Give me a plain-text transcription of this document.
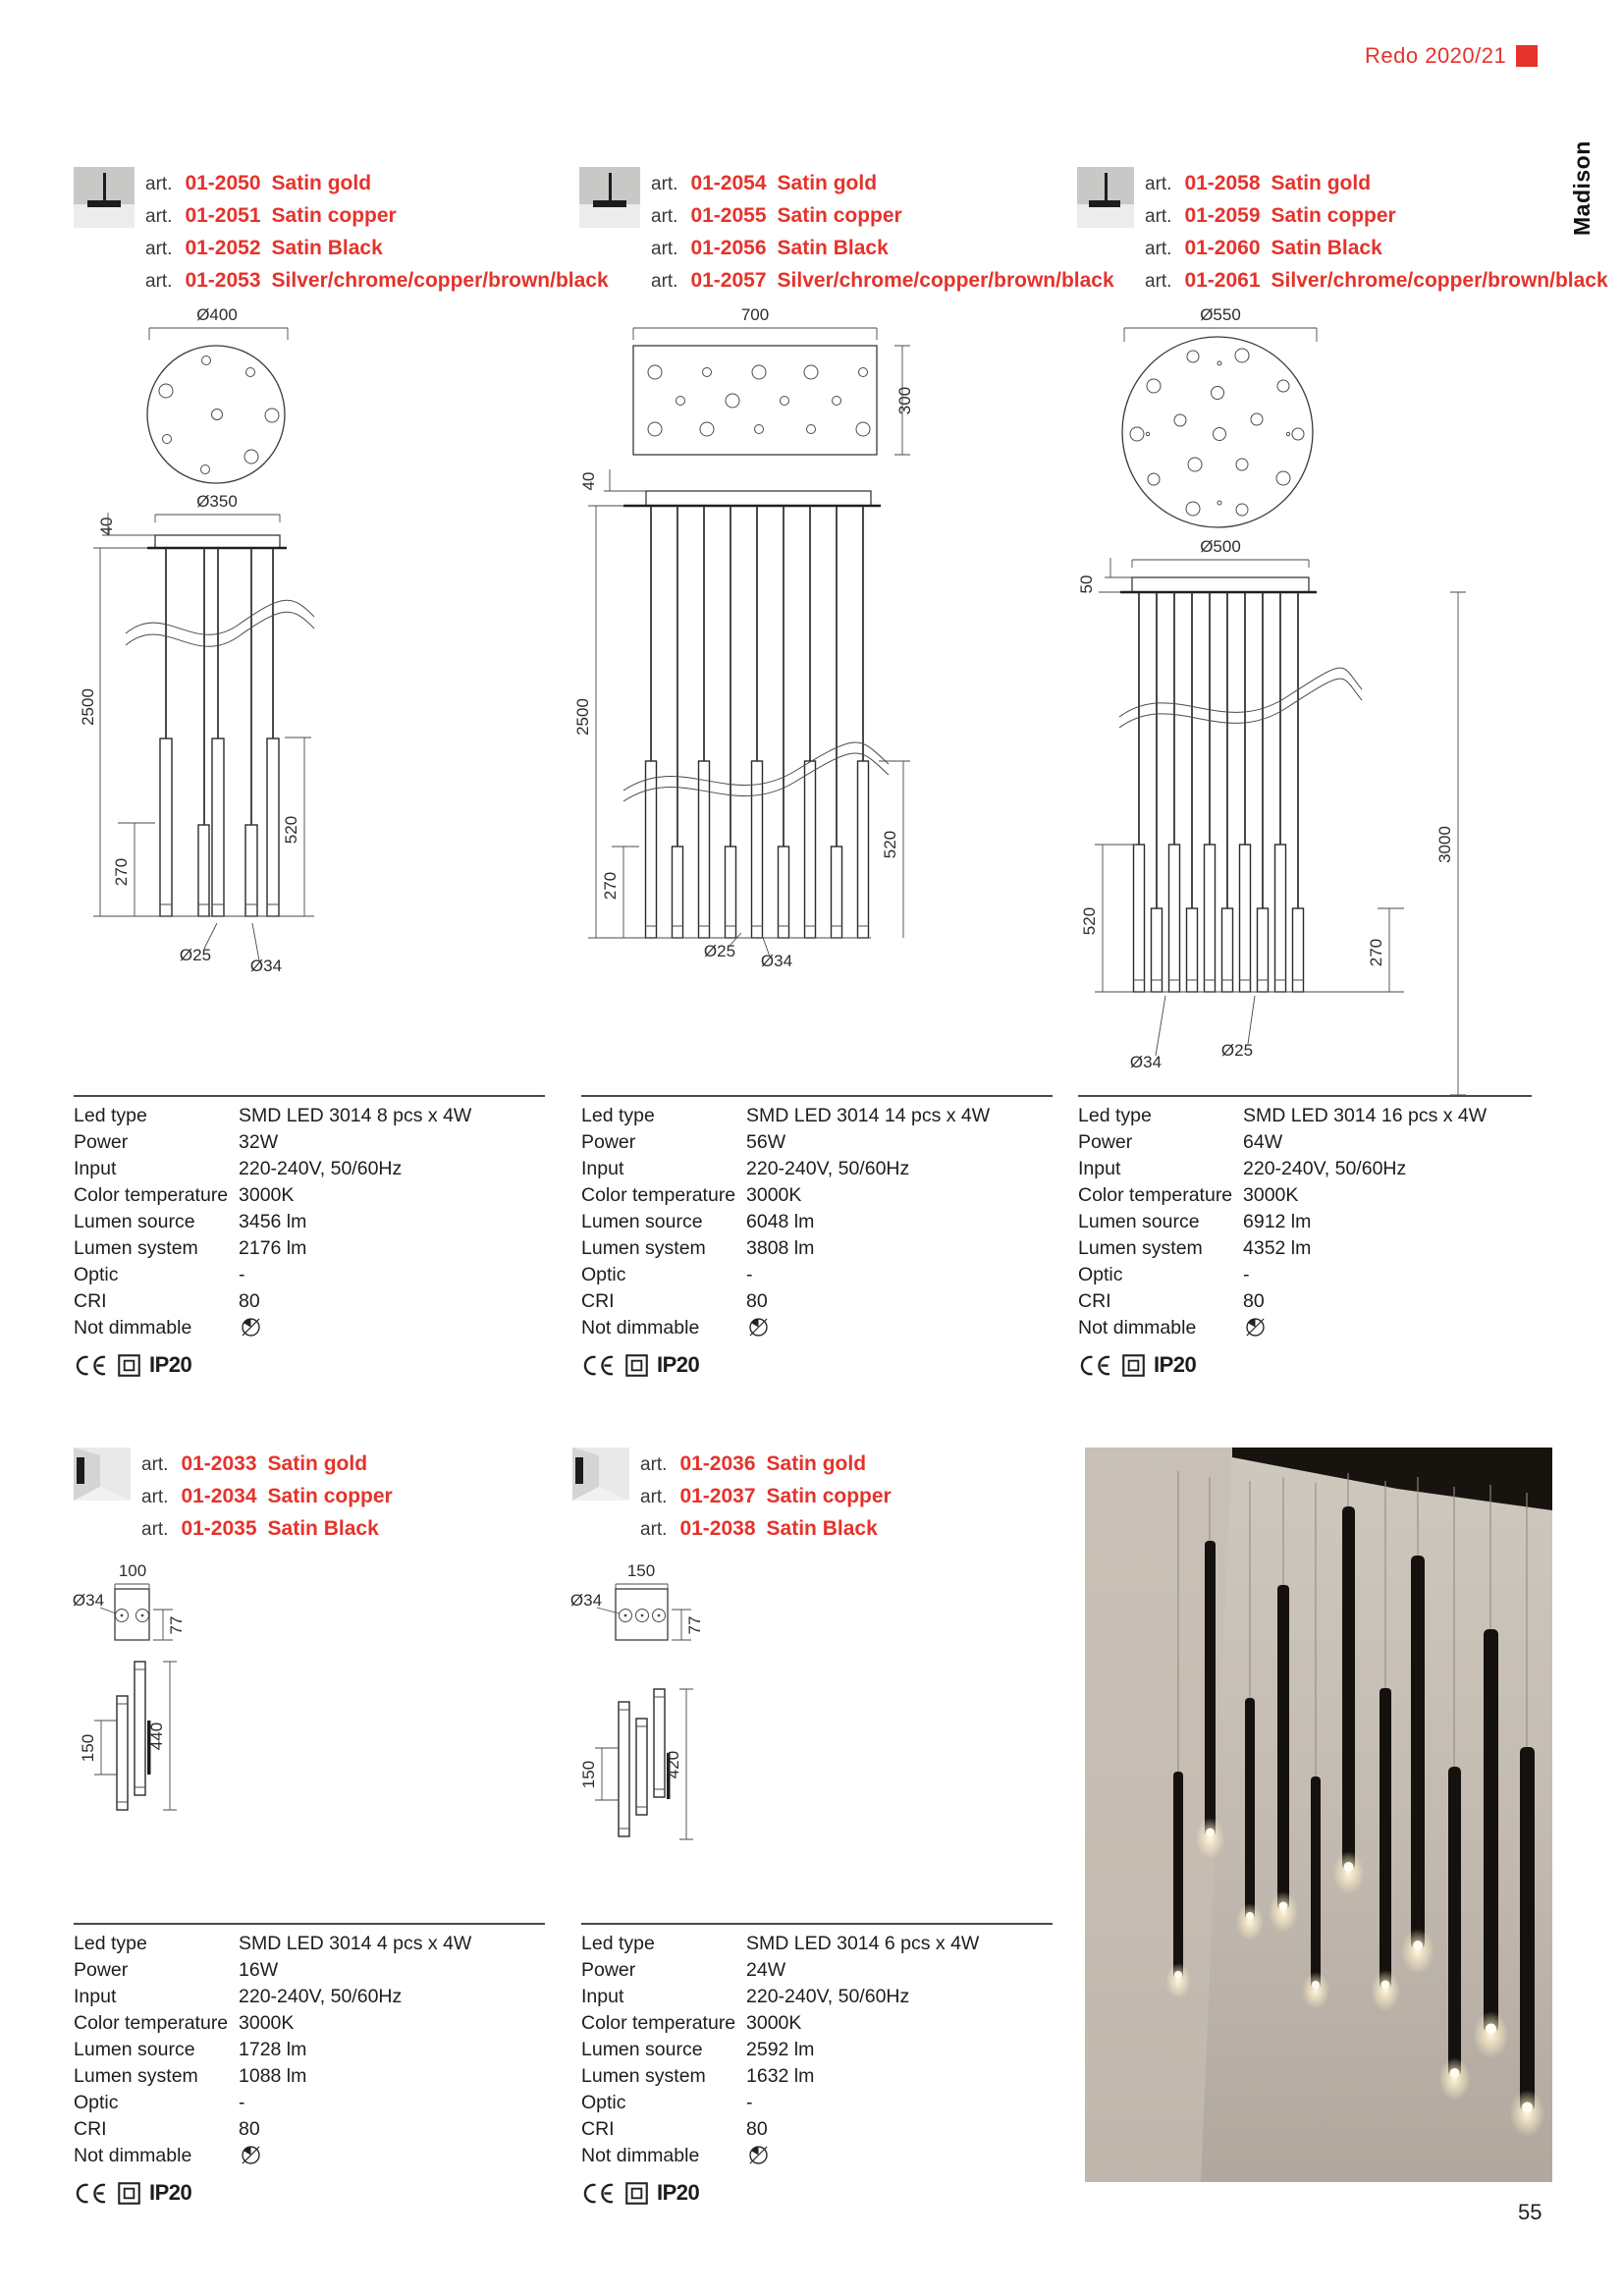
Redo 2020/21
Madison
art. 01-2050 Satin gold
art. 01-2051 Satin copper
art. 01-2052 Satin Black
art. 01-2053 Silver/chrome/copper/brown/black
art. 01-2054 Satin gold
art. 01-2055 Satin copper
art. 01-2056 Satin Black
art. 01-2057 Silver/chrome/copper/brown/black
art. 01-2058 Satin gold
art. 01-2059 Satin copper
art. 01-2060 Satin Black
art. 01-2061 Silver/chrome/copper/brown/black
Ø400
Ø350
40
2500
270
520
Ø25
Ø34
700
300
40
2500
270
520
Ø25
Ø34
Ø550
Ø500
50
520
270
3000
Ø34
Ø25
Led type	SMD LED 3014 8 pcs x 4W
Power	32W
Input	220-240V, 50/60Hz
Color temperature 3000K
Lumen source	3456 lm
Lumen system	2176 lm
Optic	-
CRI	80
Not dimmable
IP20
Led type	SMD LED 3014 14 pcs x 4W
Power	56W
Input	220-240V, 50/60Hz
Color temperature 3000K
Lumen source	6048 lm
Lumen system	3808 lm
Optic	-
CRI	80
Not dimmable
IP20
Led type	SMD LED 3014 16 pcs x 4W
Power	64W
Input	220-240V, 50/60Hz
Color temperature 3000K
Lumen source	6912 lm
Lumen system	4352 lm
Optic	-
CRI	80
Not dimmable
IP20
art. 01-2033 Satin gold
art. 01-2034 Satin copper
art. 01-2035 Satin Black
art. 01-2036 Satin gold
art. 01-2037 Satin copper
art. 01-2038 Satin Black
100
Ø34
77
150	440
150
Ø34
77
150	420
Led type	SMD LED 3014 4 pcs x 4W
Power	16W
Input	220-240V, 50/60Hz
Color temperature 3000K
Lumen source	1728 lm
Lumen system	1088 lm
Optic	-
CRI	80
Not dimmable
IP20
Led type	SMD LED 3014 6 pcs x 4W
Power	24W
Input	220-240V, 50/60Hz
Color temperature 3000K
Lumen source	2592 lm
Lumen system	1632 lm
Optic	-
CRI	80
Not dimmable
IP20
55
